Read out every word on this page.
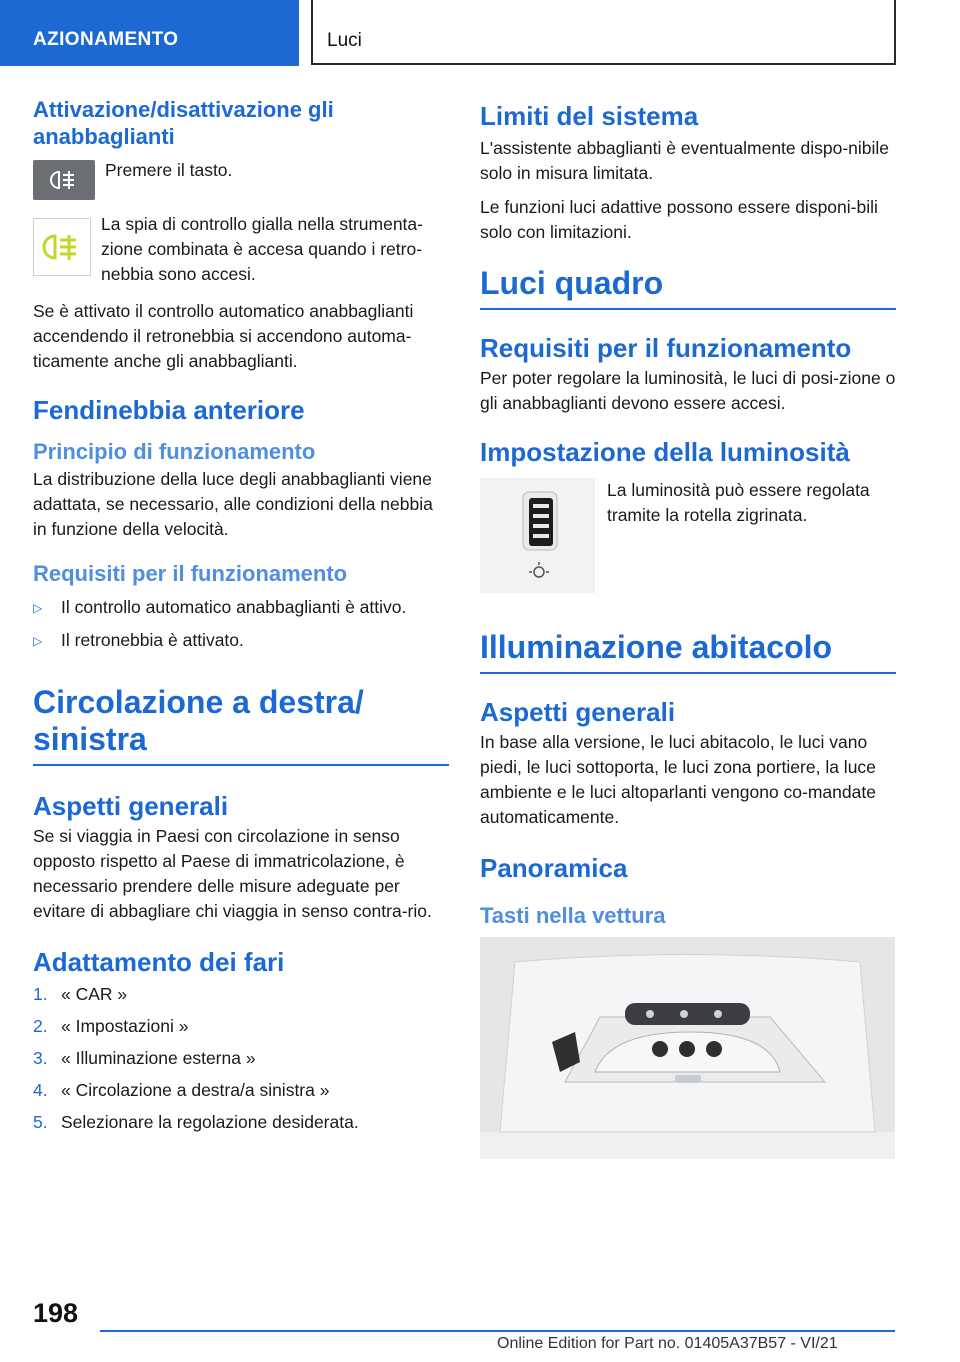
AZIONAMENTO	Luci
Attivazione/disattivazione gli anabbaglianti

Premere il tasto.

La spia di controllo gialla nella strumenta-zione combinata è accesa quando i retro-nebbia sono accesi.

Se è attivato il controllo automatico anabbaglianti accendendo il retronebbia si accendono automa-ticamente anche gli anabbaglianti.

Fendinebbia anteriore
Principio di funzionamento

La distribuzione della luce degli anabbaglianti viene adattata, se necessario, alle condizioni della nebbia in funzione della velocità.

Requisiti per il funzionamento
▷	Il controllo automatico anabbaglianti è attivo.
▷	Il retronebbia è attivato.
Circolazione a destra/ sinistra
Aspetti generali

Se si viaggia in Paesi con circolazione in senso opposto rispetto al Paese di immatricolazione, è necessario prendere delle misure adeguate per evitare di abbagliare chi viaggia in senso contra-rio.

Adattamento dei fari
1. « CAR »
2. « Impostazioni »
3. « Illuminazione esterna »
4. « Circolazione a destra/a sinistra »
5. Selezionare la regolazione desiderata.
Limiti del sistema

L'assistente abbaglianti è eventualmente dispo-nibile solo in misura limitata.

Le funzioni luci adattive possono essere disponi-bili solo con limitazioni.

Luci quadro
Requisiti per il funzionamento

Per poter regolare la luminosità, le luci di posi-zione o gli anabbaglianti devono essere accesi.

Impostazione della luminosità

La luminosità può essere regolata tramite la rotella zigrinata.

Illuminazione abitacolo
Aspetti generali

In base alla versione, le luci abitacolo, le luci vano piedi, le luci sottoporta, le luci zona portiere, la luce ambiente e le luci altoparlanti vengono co-mandate automaticamente.

Panoramica
Tasti nella vettura
198
Online Edition for Part no. 01405A37B57 - VI/21
